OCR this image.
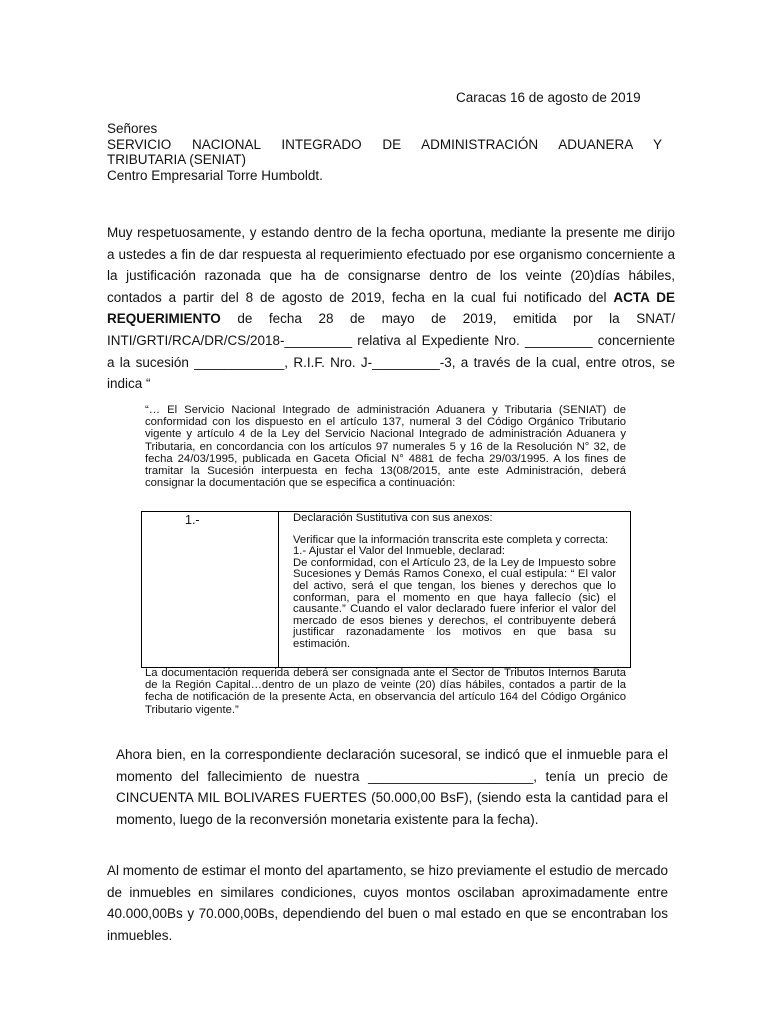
Caracas 16 de agosto de 2019
Señores
SERVICIO NACIONAL INTEGRADO DE ADMINISTRACIÓN ADUANERA Y
TRIBUTARIA (SENIAT)
Centro Empresarial Torre Humboldt.

Muy respetuosamente, y estando dentro de la fecha oportuna, mediante la presente me dirijo a ustedes a fin de dar respuesta al requerimiento efectuado por ese organismo concerniente a la justificación razonada que ha de consignarse dentro de los veinte (20)días hábiles, contados a partir del 8 de agosto de 2019, fecha en la cual fui notificado del ACTA DE REQUERIMIENTO de fecha 28 de mayo de 2019, emitida por la SNAT/ INTI/GRTI/RCA/DR/CS/2018-_________ relativa al Expediente Nro. _________ concerniente a la sucesión ____________, R.I.F. Nro. J-_________-3, a través de la cual, entre otros, se indica “

“… El Servicio Nacional Integrado de administración Aduanera y Tributaria (SENIAT) de conformidad con los dispuesto en el artículo 137, numeral 3 del Código Orgánico Tributario vigente y artículo 4 de la Ley del Servicio Nacional Integrado de administración Aduanera y Tributaria, en concordancia con los artículos 97 numerales 5 y 16 de la Resolución N° 32, de fecha 24/03/1995, publicada en Gaceta Oficial N° 4881 de fecha 29/03/1995. A los fines de tramitar la Sucesión interpuesta en fecha 13(08/2015, ante este Administración, deberá consignar la documentación que se especifica a continuación:

1.-	Declaración Sustitutiva con sus anexos:

Verificar que la información transcrita este completa y correcta:

1.- Ajustar el Valor del Inmueble, declarad:

De conformidad, con el Artículo 23, de la Ley de Impuesto sobre Sucesiones y Demás Ramos Conexo, el cual estipula: “ El valor del activo, será el que tengan, los bienes y derechos que lo conforman, para el momento en que haya fallecío (sic) el causante.” Cuando el valor declarado fuere inferior el valor del mercado de esos bienes y derechos, el contribuyente deberá justificar razonadamente los motivos en que basa su estimación.

La documentación requerida deberá ser consignada ante el Sector de Tributos Internos Baruta de la Región Capital…dentro de un plazo de veinte (20) días hábiles, contados a partir de la fecha de notificación de la presente Acta, en observancia del artículo 164 del Código Orgánico Tributario vigente.”

Ahora bien, en la correspondiente declaración sucesoral, se indicó que el inmueble para el momento del fallecimiento de nuestra ______________________, tenía un precio de CINCUENTA MIL BOLIVARES FUERTES (50.000,00 BsF), (siendo esta la cantidad para el momento, luego de la reconversión monetaria existente para la fecha).

Al momento de estimar el monto del apartamento, se hizo previamente el estudio de mercado de inmuebles en similares condiciones, cuyos montos oscilaban aproximadamente entre 40.000,00Bs y 70.000,00Bs, dependiendo del buen o mal estado en que se encontraban los inmuebles.
